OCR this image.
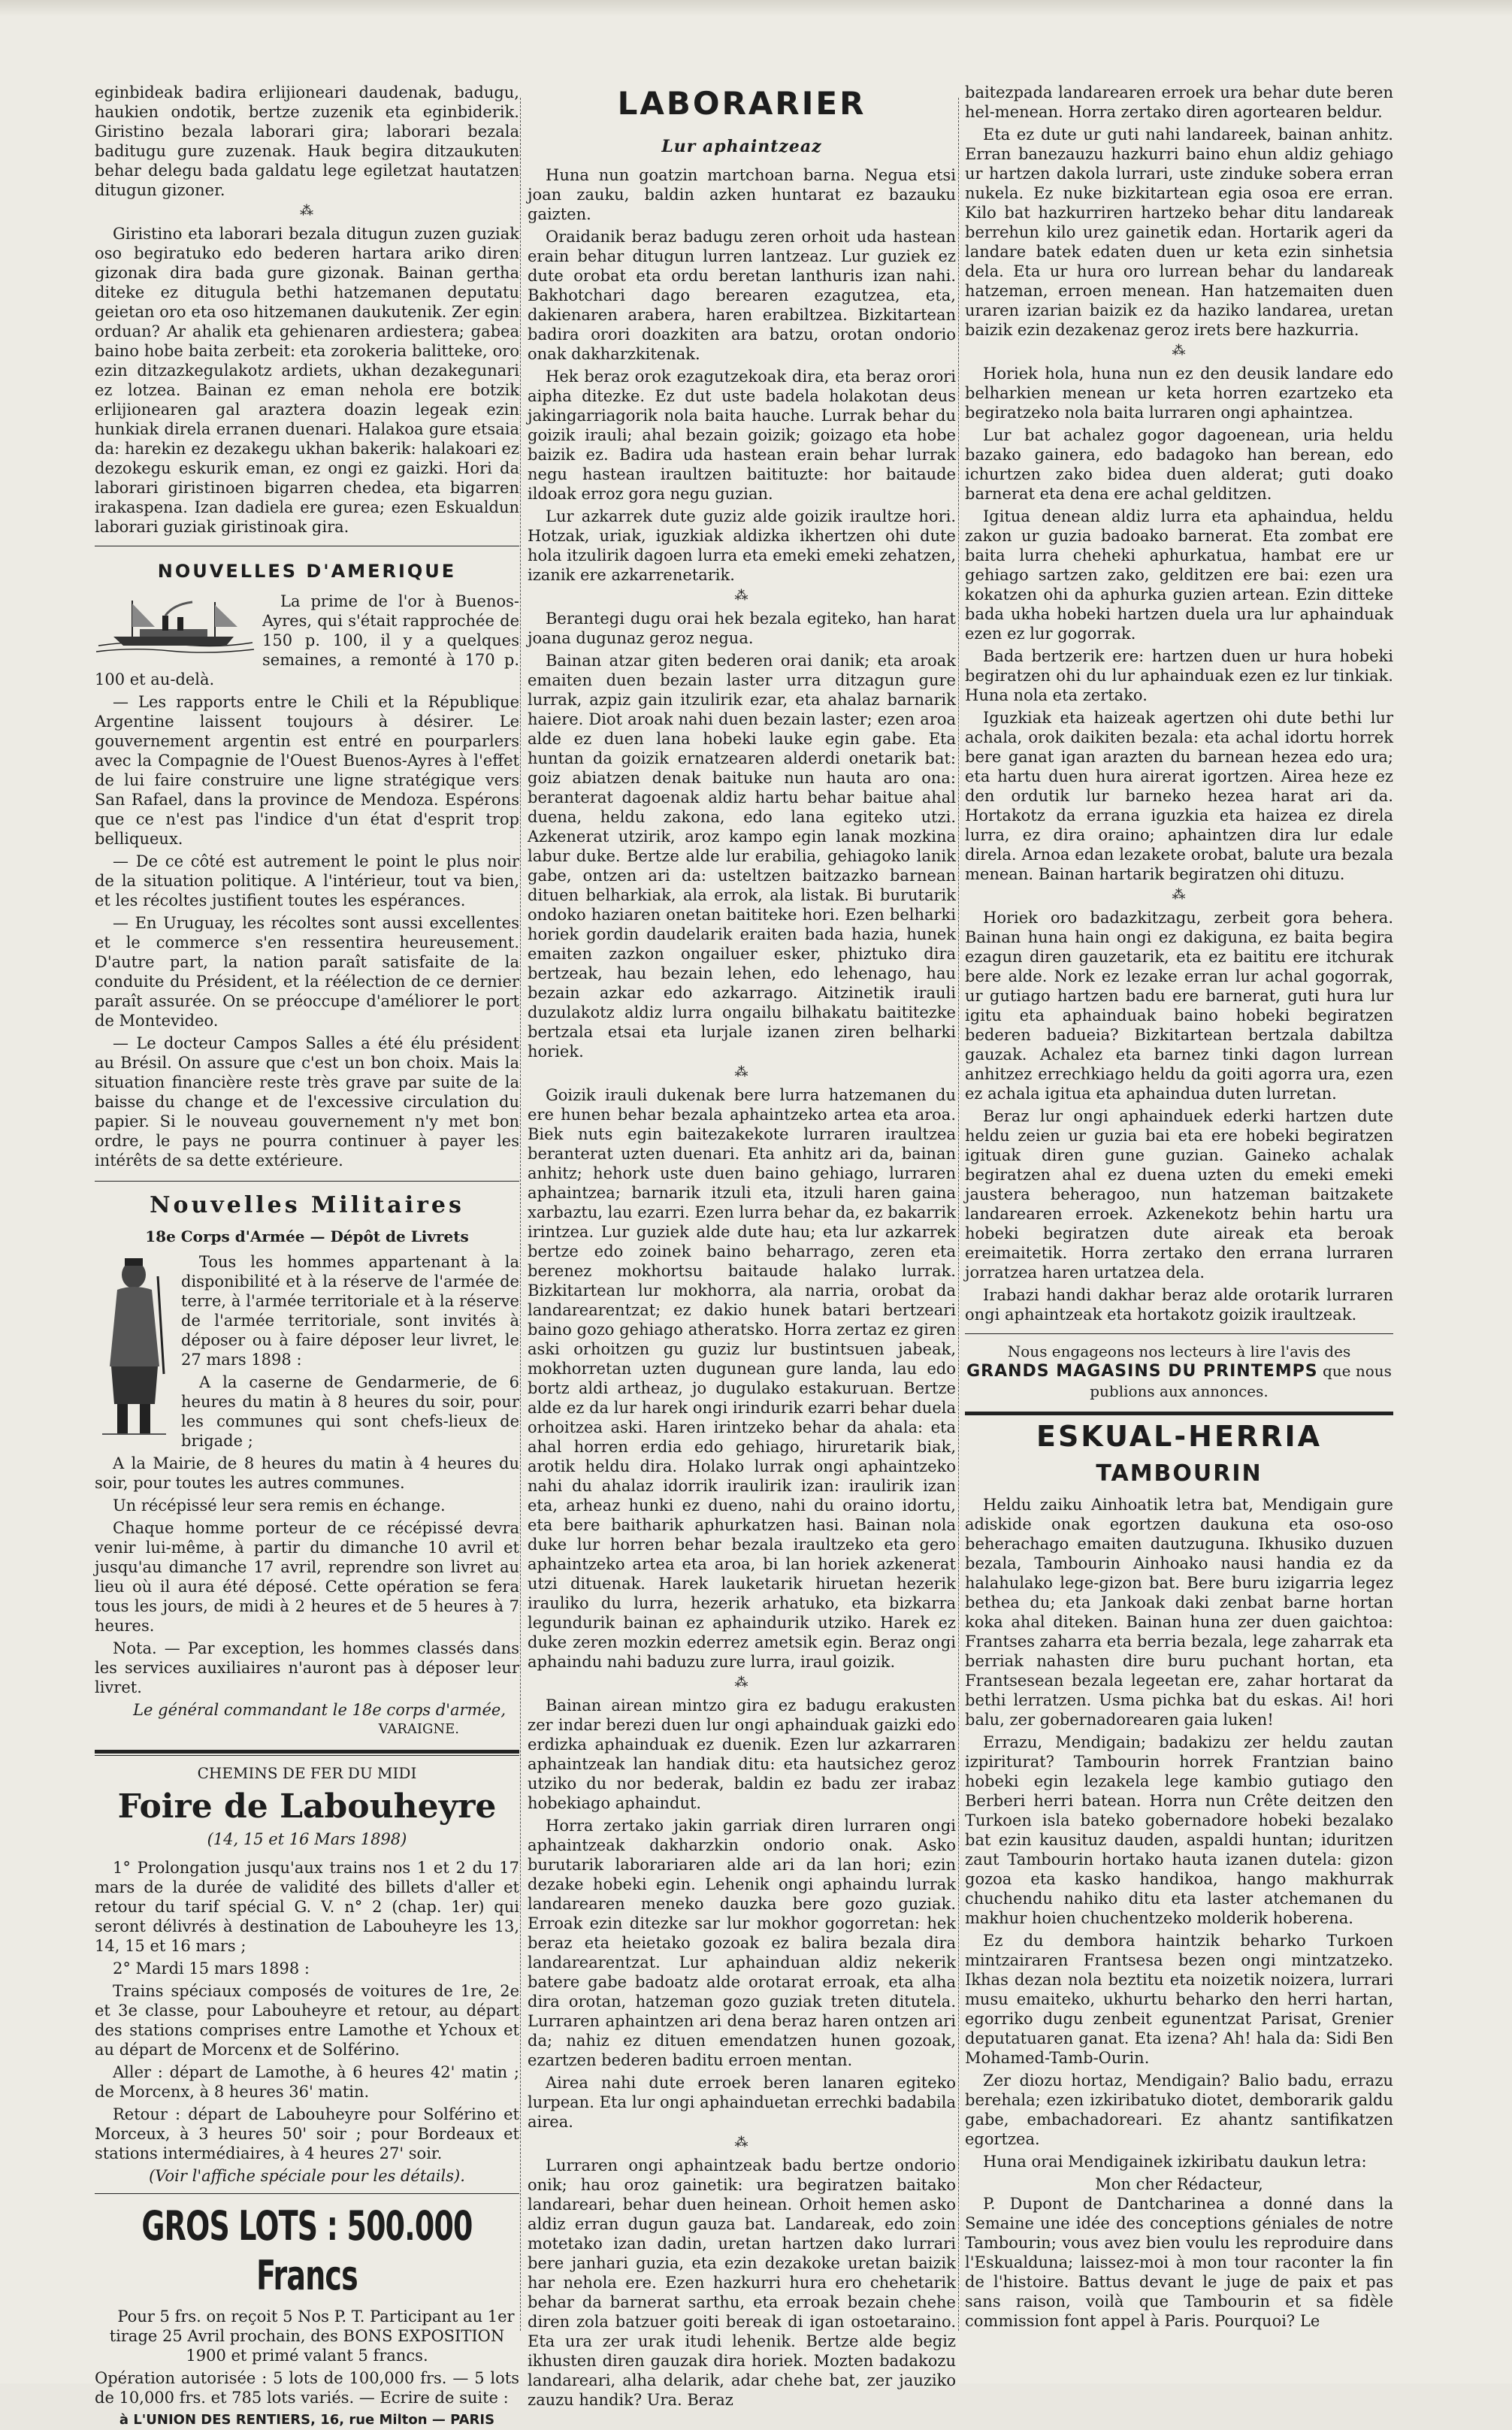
eginbideak badira erlijioneari daudenak, badugu, haukien ondotik, bertze zuzenik eta eginbiderik. Giristino bezala laborari gira; laborari bezala baditugu gure zuzenak. Hauk begira ditzaukuten behar delegu bada galdatu lege egiletzat hautatzen ditugun gizoner.

⁂

Giristino eta laborari bezala ditugun zuzen guziak oso begiratuko edo bederen hartara ariko diren gizonak dira bada gure gizonak. Bainan gertha diteke ez ditugula bethi hatzemanen deputatu geietan oro eta oso hitzemanen daukutenik. Zer egin orduan? Ar ahalik eta gehienaren ardiestera; gabea baino hobe baita zerbeit: eta zorokeria balitteke, oro ezin ditzazkegulakotz ardiets, ukhan dezakegunari ez lotzea. Bainan ez eman nehola ere botzik erlijionearen gal araztera doazin legeak ezin hunkiak direla erranen duenari. Halakoa gure etsaia da: harekin ez dezakegu ukhan bakerik: halakoari ez dezokegu eskurik eman, ez ongi ez gaizki. Hori da laborari giristinoen bigarren chedea, eta bigarren irakaspena. Izan dadiela ere gurea; ezen Eskualdun laborari guziak giristinoak gira.

NOUVELLES D'AMERIQUE

La prime de l'or à Buenos-Ayres, qui s'était rapprochée de 150 p. 100, il y a quelques semaines, a remonté à 170 p. 100 et au-delà.

— Les rapports entre le Chili et la République Argentine laissent toujours à désirer. Le gouvernement argentin est entré en pourparlers avec la Compagnie de l'Ouest Buenos-Ayres à l'effet de lui faire construire une ligne stratégique vers San Rafael, dans la province de Mendoza. Espérons que ce n'est pas l'indice d'un état d'esprit trop belliqueux.

— De ce côté est autrement le point le plus noir de la situation politique. A l'intérieur, tout va bien, et les récoltes justifient toutes les espérances.

— En Uruguay, les récoltes sont aussi excellentes et le commerce s'en ressentira heureusement. D'autre part, la nation paraît satisfaite de la conduite du Président, et la réélection de ce dernier paraît assurée. On se préoccupe d'améliorer le port de Montevideo.

— Le docteur Campos Salles a été élu président au Brésil. On assure que c'est un bon choix. Mais la situation financière reste très grave par suite de la baisse du change et de l'excessive circulation du papier. Si le nouveau gouvernement n'y met bon ordre, le pays ne pourra continuer à payer les intérêts de sa dette extérieure.

Nouvelles Militaires
18e Corps d'Armée — Dépôt de Livrets

Tous les hommes appartenant à la disponibilité et à la réserve de l'armée de terre, à l'armée territoriale et à la réserve de l'armée territoriale, sont invités à déposer ou à faire déposer leur livret, le 27 mars 1898 :

A la caserne de Gendarmerie, de 6 heures du matin à 8 heures du soir, pour les communes qui sont chefs-lieux de brigade ;

A la Mairie, de 8 heures du matin à 4 heures du soir, pour toutes les autres communes.

Un récépissé leur sera remis en échange.

Chaque homme porteur de ce récépissé devra venir lui-même, à partir du dimanche 10 avril et jusqu'au dimanche 17 avril, reprendre son livret au lieu où il aura été déposé. Cette opération se fera tous les jours, de midi à 2 heures et de 5 heures à 7 heures.

Nota. — Par exception, les hommes classés dans les services auxiliaires n'auront pas à déposer leur livret.

Le général commandant le 18e corps d'armée,
VARAIGNE.
CHEMINS DE FER DU MIDI
Foire de Labouheyre
(14, 15 et 16 Mars 1898)

1° Prolongation jusqu'aux trains nos 1 et 2 du 17 mars de la durée de validité des billets d'aller et retour du tarif spécial G. V. n° 2 (chap. 1er) qui seront délivrés à destination de Labouheyre les 13, 14, 15 et 16 mars ;

2° Mardi 15 mars 1898 :

Trains spéciaux composés de voitures de 1re, 2e et 3e classe, pour Labouheyre et retour, au départ des stations comprises entre Lamothe et Ychoux et au départ de Morcenx et de Solférino.

Aller : départ de Lamothe, à 6 heures 42' matin ; de Morcenx, à 8 heures 36' matin.

Retour : départ de Labouheyre pour Solférino et Morceux, à 3 heures 50' soir ; pour Bordeaux et stations intermédiaires, à 4 heures 27' soir.

(Voir l'affiche spéciale pour les détails).
GROS LOTS : 500.000 Francs

Pour 5 frs. on reçoit 5 Nos P. T. Participant au 1er tirage 25 Avril prochain, des BONS EXPOSITION 1900 et primé valant 5 francs.

Opération autorisée : 5 lots de 100,000 frs. — 5 lots de 10,000 frs. et 785 lots variés. — Ecrire de suite :

à L'UNION DES RENTIERS, 16, rue Milton — PARIS
LABORARIER
Lur aphaintzeaz

Huna nun goatzin martchoan barna. Negua etsi joan zauku, baldin azken huntarat ez bazauku gaizten.

Oraidanik beraz badugu zeren orhoit uda hastean erain behar ditugun lurren lantzeaz. Lur guziek ez dute orobat eta ordu beretan lanthuris izan nahi. Bakhotchari dago berearen ezagutzea, eta, dakienaren arabera, haren erabiltzea. Bizkitartean badira orori doazkiten ara batzu, orotan ondorio onak dakharzkitenak.

Hek beraz orok ezagutzekoak dira, eta beraz orori aipha ditezke. Ez dut uste badela holakotan deus jakingarriagorik nola baita hauche. Lurrak behar du goizik irauli; ahal bezain goizik; goizago eta hobe baizik ez. Badira uda hastean erain behar lurrak negu hastean iraultzen baitituzte: hor baitaude ildoak erroz gora negu guzian.

Lur azkarrek dute guziz alde goizik iraultze hori. Hotzak, uriak, iguzkiak aldizka ikhertzen ohi dute hola itzulirik dagoen lurra eta emeki emeki zehatzen, izanik ere azkarrenetarik.

⁂

Berantegi dugu orai hek bezala egiteko, han harat joana dugunaz geroz negua.

Bainan atzar giten bederen orai danik; eta aroak emaiten duen bezain laster urra ditzagun gure lurrak, azpiz gain itzulirik ezar, eta ahalaz barnarik haiere. Diot aroak nahi duen bezain laster; ezen aroa alde ez duen lana hobeki lauke egin gabe. Eta huntan da goizik ernatzearen alderdi onetarik bat: goiz abiatzen denak baituke nun hauta aro ona: beranterat dagoenak aldiz hartu behar baitue ahal duena, heldu zakona, edo lana egiteko utzi. Azkenerat utzirik, aroz kampo egin lanak mozkina labur duke. Bertze alde lur erabilia, gehiagoko lanik gabe, ontzen ari da: usteltzen baitzazko barnean dituen belharkiak, ala errok, ala listak. Bi burutarik ondoko haziaren onetan baititeke hori. Ezen belharki horiek gordin daudelarik eraiten bada hazia, hunek emaiten zazkon ongailuer esker, phiztuko dira bertzeak, hau bezain lehen, edo lehenago, hau bezain azkar edo azkarrago. Aitzinetik irauli duzulakotz aldiz lurra ongailu bilhakatu baititezke bertzala etsai eta lurjale izanen ziren belharki horiek.

⁂

Goizik irauli dukenak bere lurra hatzemanen du ere hunen behar bezala aphaintzeko artea eta aroa. Biek nuts egin baitezakekote lurraren iraultzea beranterat uzten duenari. Eta anhitz ari da, bainan anhitz; hehork uste duen baino gehiago, lurraren aphaintzea; barnarik itzuli eta, itzuli haren gaina xarbaztu, lau ezarri. Ezen lurra behar da, ez bakarrik irintzea. Lur guziek alde dute hau; eta lur azkarrek bertze edo zoinek baino beharrago, zeren eta berenez mokhortsu baitaude halako lurrak. Bizkitartean lur mokhorra, ala narria, orobat da landarearentzat; ez dakio hunek batari bertzeari baino gozo gehiago atheratsko. Horra zertaz ez giren aski orhoitzen gu guziz lur bustintsuen jabeak, mokhorretan uzten dugunean gure landa, lau edo bortz aldi artheaz, jo dugulako estakuruan. Bertze alde ez da lur harek ongi irindurik ezarri behar duela orhoitzea aski. Haren irintzeko behar da ahala: eta ahal horren erdia edo gehiago, hiruretarik biak, arotik heldu dira. Holako lurrak ongi aphaintzeko nahi du ahalaz idorrik iraulirik izan: iraulirik izan eta, arheaz hunki ez dueno, nahi du oraino idortu, eta bere baitharik aphurkatzen hasi. Bainan nola duke lur horren behar bezala iraultzeko eta gero aphaintzeko artea eta aroa, bi lan horiek azkenerat utzi dituenak. Harek lauketarik hiruetan hezerik irauliko du lurra, hezerik arhatuko, eta bizkarra legundurik bainan ez aphaindurik utziko. Harek ez duke zeren mozkin ederrez ametsik egin. Beraz ongi aphaindu nahi baduzu zure lurra, iraul goizik.

⁂

Bainan airean mintzo gira ez badugu erakusten zer indar berezi duen lur ongi aphainduak gaizki edo erdizka aphainduak ez duenik. Ezen lur azkarraren aphaintzeak lan handiak ditu: eta hautsichez geroz utziko du nor bederak, baldin ez badu zer irabaz hobekiago aphaindut.

Horra zertako jakin garriak diren lurraren ongi aphaintzeak dakharzkin ondorio onak. Asko burutarik laborariaren alde ari da lan hori; ezin dezake hobeki egin. Lehenik ongi aphaindu lurrak landarearen meneko dauzka bere gozo guziak. Erroak ezin ditezke sar lur mokhor gogorretan: hek beraz eta heietako gozoak ez balira bezala dira landarearentzat. Lur aphainduan aldiz nekerik batere gabe badoatz alde orotarat erroak, eta alha dira orotan, hatzeman gozo guziak treten ditutela. Lurraren aphaintzen ari dena beraz haren ontzen ari da; nahiz ez dituen emendatzen hunen gozoak, ezartzen bederen baditu erroen mentan.

Airea nahi dute erroek beren lanaren egiteko lurpean. Eta lur ongi aphainduetan errechki badabila airea.

⁂

Lurraren ongi aphaintzeak badu bertze ondorio onik; hau oroz gainetik: ura begiratzen baitako landareari, behar duen heinean. Orhoit hemen asko aldiz erran dugun gauza bat. Landareak, edo zoin motetako izan dadin, uretan hartzen dako lurrari bere janhari guzia, eta ezin dezakoke uretan baizik har nehola ere. Ezen hazkurri hura ero chehetarik behar da barnerat sarthu, eta erroak bezain chehe diren zola batzuer goiti bereak di igan ostoetaraino. Eta ura zer urak itudi lehenik. Bertze alde begiz ikhusten diren gauzak dira horiek. Mozten badakozu landareari, alha delarik, adar chehe bat, zer jauziko zauzu handik? Ura. Beraz

baitezpada landarearen erroek ura behar dute beren hel-menean. Horra zertako diren agortearen beldur.

Eta ez dute ur guti nahi landareek, bainan anhitz. Erran banezauzu hazkurri baino ehun aldiz gehiago ur hartzen dakola lurrari, uste zinduke sobera erran nukela. Ez nuke bizkitartean egia osoa ere erran. Kilo bat hazkurriren hartzeko behar ditu landareak berrehun kilo urez gainetik edan. Hortarik ageri da landare batek edaten duen ur keta ezin sinhetsia dela. Eta ur hura oro lurrean behar du landareak hatzeman, erroen menean. Han hatzemaiten duen uraren izarian baizik ez da haziko landarea, uretan baizik ezin dezakenaz geroz irets bere hazkurria.

⁂

Horiek hola, huna nun ez den deusik landare edo belharkien menean ur keta horren ezartzeko eta begiratzeko nola baita lurraren ongi aphaintzea.

Lur bat achalez gogor dagoenean, uria heldu bazako gainera, edo badagoko han berean, edo ichurtzen zako bidea duen alderat; guti doako barnerat eta dena ere achal gelditzen.

Igitua denean aldiz lurra eta aphaindua, heldu zakon ur guzia badoako barnerat. Eta zombat ere baita lurra cheheki aphurkatua, hambat ere ur gehiago sartzen zako, gelditzen ere bai: ezen ura kokatzen ohi da aphurka guzien artean. Ezin ditteke bada ukha hobeki hartzen duela ura lur aphainduak ezen ez lur gogorrak.

Bada bertzerik ere: hartzen duen ur hura hobeki begiratzen ohi du lur aphainduak ezen ez lur tinkiak. Huna nola eta zertako.

Iguzkiak eta haizeak agertzen ohi dute bethi lur achala, orok daikiten bezala: eta achal idortu horrek bere ganat igan arazten du barnean hezea edo ura; eta hartu duen hura airerat igortzen. Airea heze ez den ordutik lur barneko hezea harat ari da. Hortakotz da errana iguzkia eta haizea ez direla lurra, ez dira oraino; aphaintzen dira lur edale direla. Arnoa edan lezakete orobat, balute ura bezala menean. Bainan hartarik begiratzen ohi dituzu.

⁂

Horiek oro badazkitzagu, zerbeit gora behera. Bainan huna hain ongi ez dakiguna, ez baita begira ezagun diren gauzetarik, eta ez baititu ere itchurak bere alde. Nork ez lezake erran lur achal gogorrak, ur gutiago hartzen badu ere barnerat, guti hura lur igitu eta aphainduak baino hobeki begiratzen bederen badueia? Bizkitartean bertzala dabiltza gauzak. Achalez eta barnez tinki dagon lurrean anhitzez errechkiago heldu da goiti agorra ura, ezen ez achala igitua eta aphaindua duten lurretan.

Beraz lur ongi aphainduek ederki hartzen dute heldu zeien ur guzia bai eta ere hobeki begiratzen igituak diren gune guzian. Gaineko achalak begiratzen ahal ez duena uzten du emeki emeki jaustera beheragoo, nun hatzeman baitzakete landarearen erroek. Azkenekotz behin hartu ura hobeki begiratzen dute aireak eta beroak ereimaitetik. Horra zertako den errana lurraren jorratzea haren urtatzea dela.

Irabazi handi dakhar beraz alde orotarik lurraren ongi aphaintzeak eta hortakotz goizik iraultzeak.

Nous engageons nos lecteurs à lire l'avis des GRANDS MAGASINS DU PRINTEMPS que nous publions aux annonces.
ESKUAL-HERRIA
TAMBOURIN

Heldu zaiku Ainhoatik letra bat, Mendigain gure adiskide onak egortzen daukuna eta oso-oso beherachago emaiten dautzuguna. Ikhusiko duzuen bezala, Tambourin Ainhoako nausi handia ez da halahulako lege-gizon bat. Bere buru izigarria legez bethea du; eta Jankoak daki zenbat barne hortan koka ahal diteken. Bainan huna zer duen gaichtoa: Frantses zaharra eta berria bezala, lege zaharrak eta berriak nahasten dire buru puchant hortan, eta Frantsesean bezala legeetan ere, zahar hortarat da bethi lerratzen. Usma pichka bat du eskas. Ai! hori balu, zer gobernadorearen gaia luken!

Errazu, Mendigain; badakizu zer heldu zautan izpiriturat? Tambourin horrek Frantzian baino hobeki egin lezakela lege kambio gutiago den Berberi herri batean. Horra nun Crête deitzen den Turkoen isla bateko gobernadore hobeki bezalako bat ezin kausituz dauden, aspaldi huntan; iduritzen zaut Tambourin hortako hauta izanen dutela: gizon gozoa eta kasko handikoa, hango makhurrak chuchendu nahiko ditu eta laster atchemanen du makhur hoien chuchentzeko molderik hoberena.

Ez du dembora haintzik beharko Turkoen mintzairaren Frantsesa bezen ongi mintzatzeko. Ikhas dezan nola beztitu eta noizetik noizera, lurrari musu emaiteko, ukhurtu beharko den herri hartan, egorriko dugu zenbeit egunentzat Parisat, Grenier deputatuaren ganat. Eta izena? Ah! hala da: Sidi Ben Mohamed-Tamb-Ourin.

Zer diozu hortaz, Mendigain? Balio badu, errazu berehala; ezen izkiribatuko diotet, demborarik galdu gabe, embachadoreari. Ez ahantz santifikatzen egortzea.

Huna orai Mendigainek izkiribatu daukun letra:

Mon cher Rédacteur,

P. Dupont de Dantcharinea a donné dans la Semaine une idée des conceptions géniales de notre Tambourin; vous avez bien voulu les reproduire dans l'Eskualduna; laissez-moi à mon tour raconter la fin de l'histoire. Battus devant le juge de paix et pas sans raison, voilà que Tambourin et sa fidèle commission font appel à Paris. Pourquoi? Le
